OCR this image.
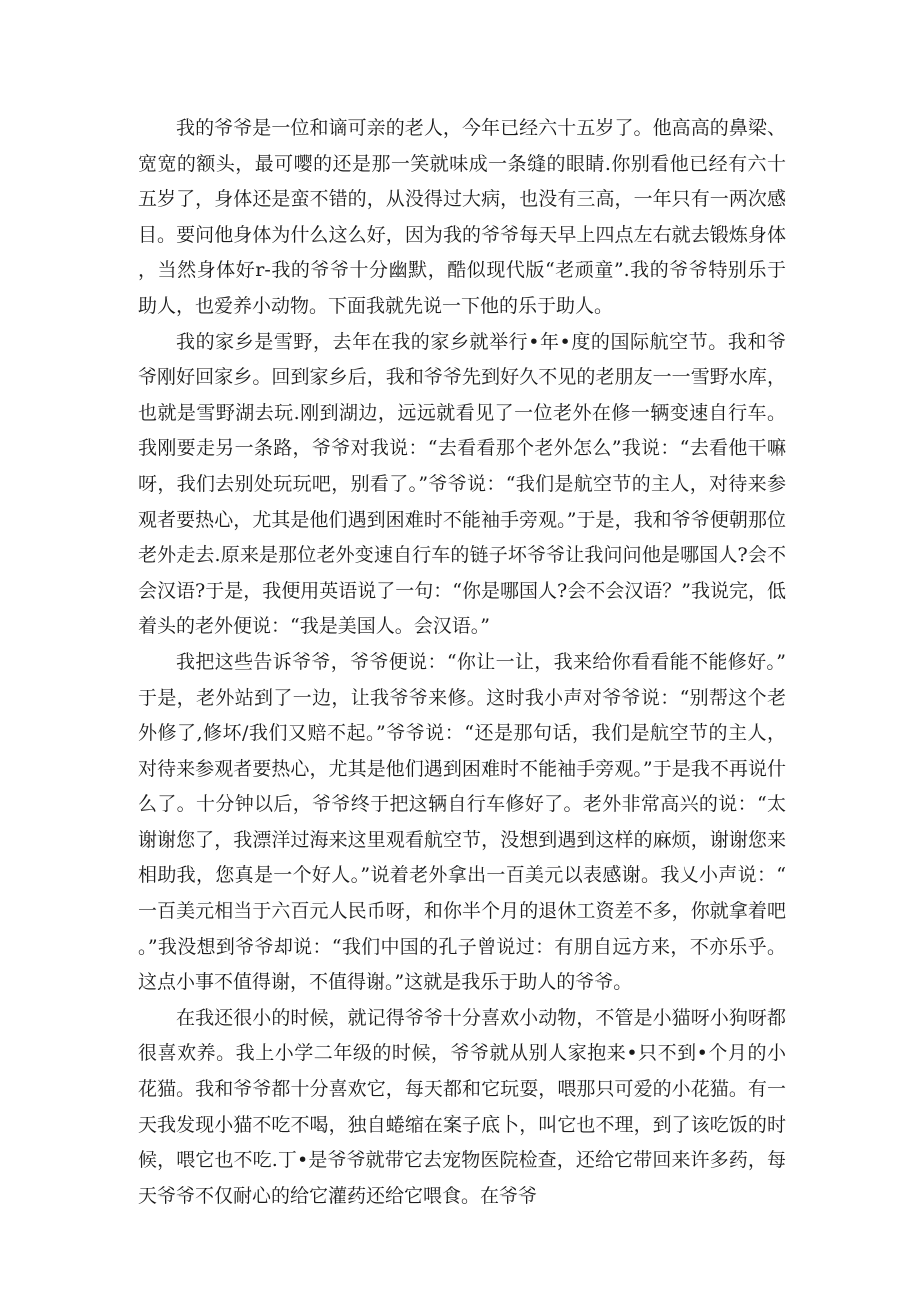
我的爷爷是一位和谪可亲的老人，今年已经六十五岁了。他高高的鼻梁、宽宽的额头，最可嘤的还是那一笑就味成一条缝的眼睛.你别看他已经有六十五岁了，身体还是蛮不错的，从没得过大病，也没有三高，一年只有一两次感目。要问他身体为什么这么好，因为我的爷爷每天早上四点左右就去锻炼身体，当然身体好r-我的爷爷十分幽默，酷似现代版“老顽童”.我的爷爷特别乐于助人，也爱养小动物。下面我就先说一下他的乐于助人。

我的家乡是雪野，去年在我的家乡就举行•年•度的国际航空节。我和爷爷刚好回家乡。回到家乡后，我和爷爷先到好久不见的老朋友一一雪野水库，也就是雪野湖去玩.刚到湖边，远远就看见了一位老外在修一辆变速自行车。我刚要走另一条路，爷爷对我说：“去看看那个老外怎么”我说：“去看他干嘛呀，我们去别处玩玩吧，别看了。”爷爷说：“我们是航空节的主人，对待来参观者要热心，尤其是他们遇到困难时不能袖手旁观。”于是，我和爷爷便朝那位老外走去.原来是那位老外变速自行车的链子坏爷爷让我问问他是哪国人?会不会汉语?于是，我便用英语说了一句：“你是哪国人?会不会汉语？”我说完，低着头的老外便说：“我是美国人。会汉语。”

我把这些告诉爷爷，爷爷便说：“你让一让，我来给你看看能不能修好。”于是，老外站到了一边，让我爷爷来修。这时我小声对爷爷说：“别帮这个老外修了,修坏/我们又赔不起。”爷爷说：“还是那句话，我们是航空节的主人，对待来参观者要热心，尤其是他们遇到困难时不能袖手旁观。”于是我不再说什么了。十分钟以后，爷爷终于把这辆自行车修好了。老外非常高兴的说：“太谢谢您了，我漂洋过海来这里观看航空节，没想到遇到这样的麻烦，谢谢您来相助我，您真是一个好人。”说着老外拿出一百美元以表感谢。我乂小声说：“一百美元相当于六百元人民币呀，和你半个月的退休工资差不多，你就拿着吧。”我没想到爷爷却说：“我们中国的孔子曾说过：有朋自远方来，不亦乐乎。这点小事不值得谢，不值得谢。”这就是我乐于助人的爷爷。

在我还很小的时候，就记得爷爷十分喜欢小动物，不管是小猫呀小狗呀都很喜欢养。我上小学二年级的时候，爷爷就从别人家抱来•只不到•个月的小花猫。我和爷爷都十分喜欢它，每天都和它玩耍，喂那只可爱的小花猫。有一天我发现小猫不吃不喝，独自蜷缩在案子底卜，叫它也不理，到了该吃饭的时候，喂它也不吃.丁•是爷爷就带它去宠物医院检查，还给它带回来许多药，每天爷爷不仅耐心的给它灌药还给它喂食。在爷爷
